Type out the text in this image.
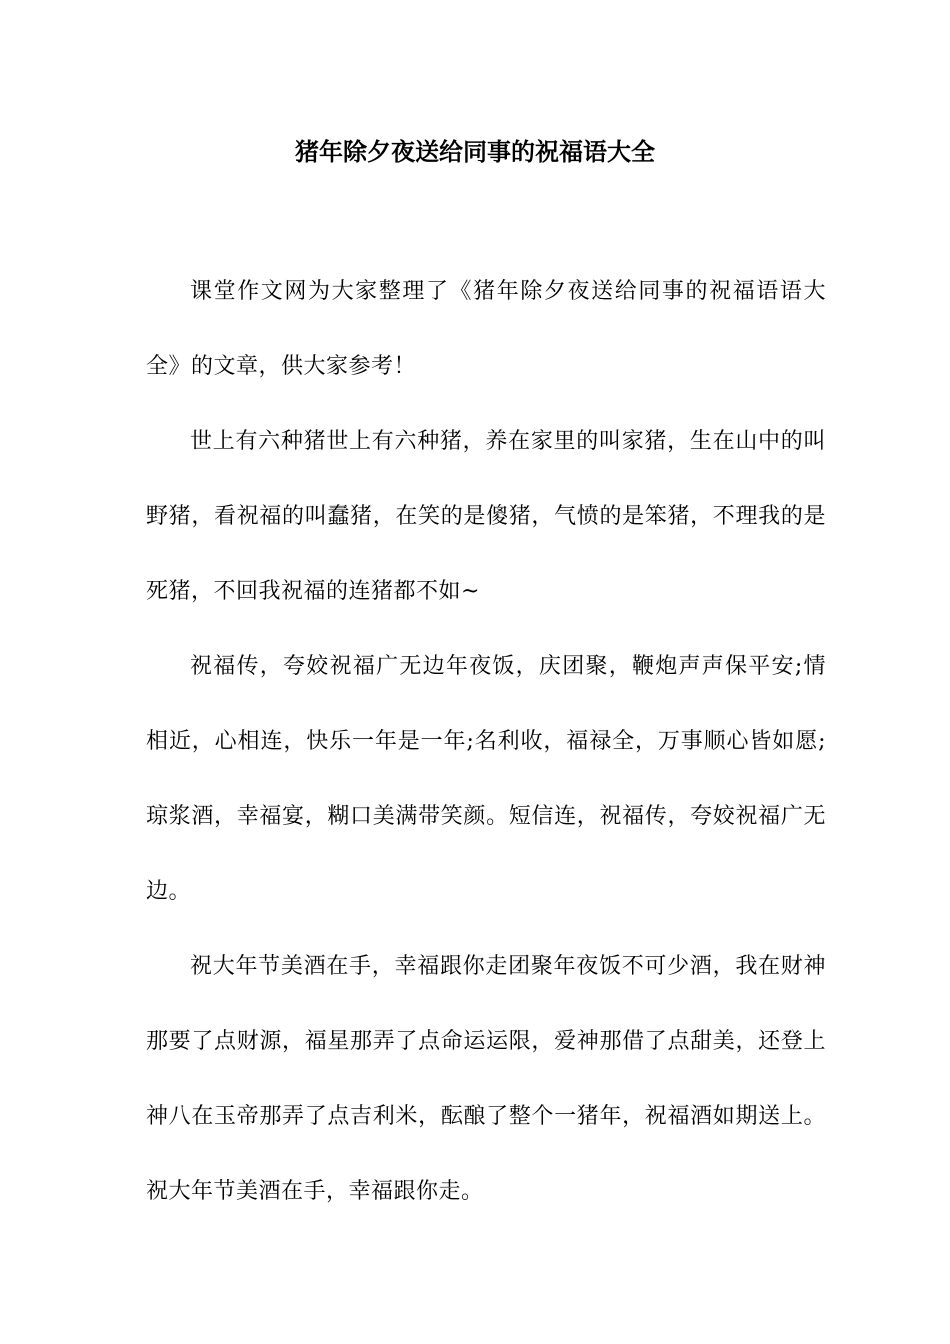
猪年除夕夜送给同事的祝福语大全

课堂作文网为大家整理了《猪年除夕夜送给同事的祝福语语大全》的文章，供大家参考！

世上有六种猪世上有六种猪，养在家里的叫家猪，生在山中的叫野猪，看祝福的叫蠢猪，在笑的是傻猪，气愤的是笨猪，不理我的是死猪，不回我祝福的连猪都不如~

祝福传，夸姣祝福广无边年夜饭，庆团聚，鞭炮声声保平安;情相近，心相连，快乐一年是一年;名利收，福禄全，万事顺心皆如愿;琼浆酒，幸福宴，糊口美满带笑颜。短信连，祝福传，夸姣祝福广无边。

祝大年节美酒在手，幸福跟你走团聚年夜饭不可少酒，我在财神那要了点财源，福星那弄了点命运运限，爱神那借了点甜美，还登上神八在玉帝那弄了点吉利米，酝酿了整个一猪年，祝福酒如期送上。祝大年节美酒在手，幸福跟你走。
